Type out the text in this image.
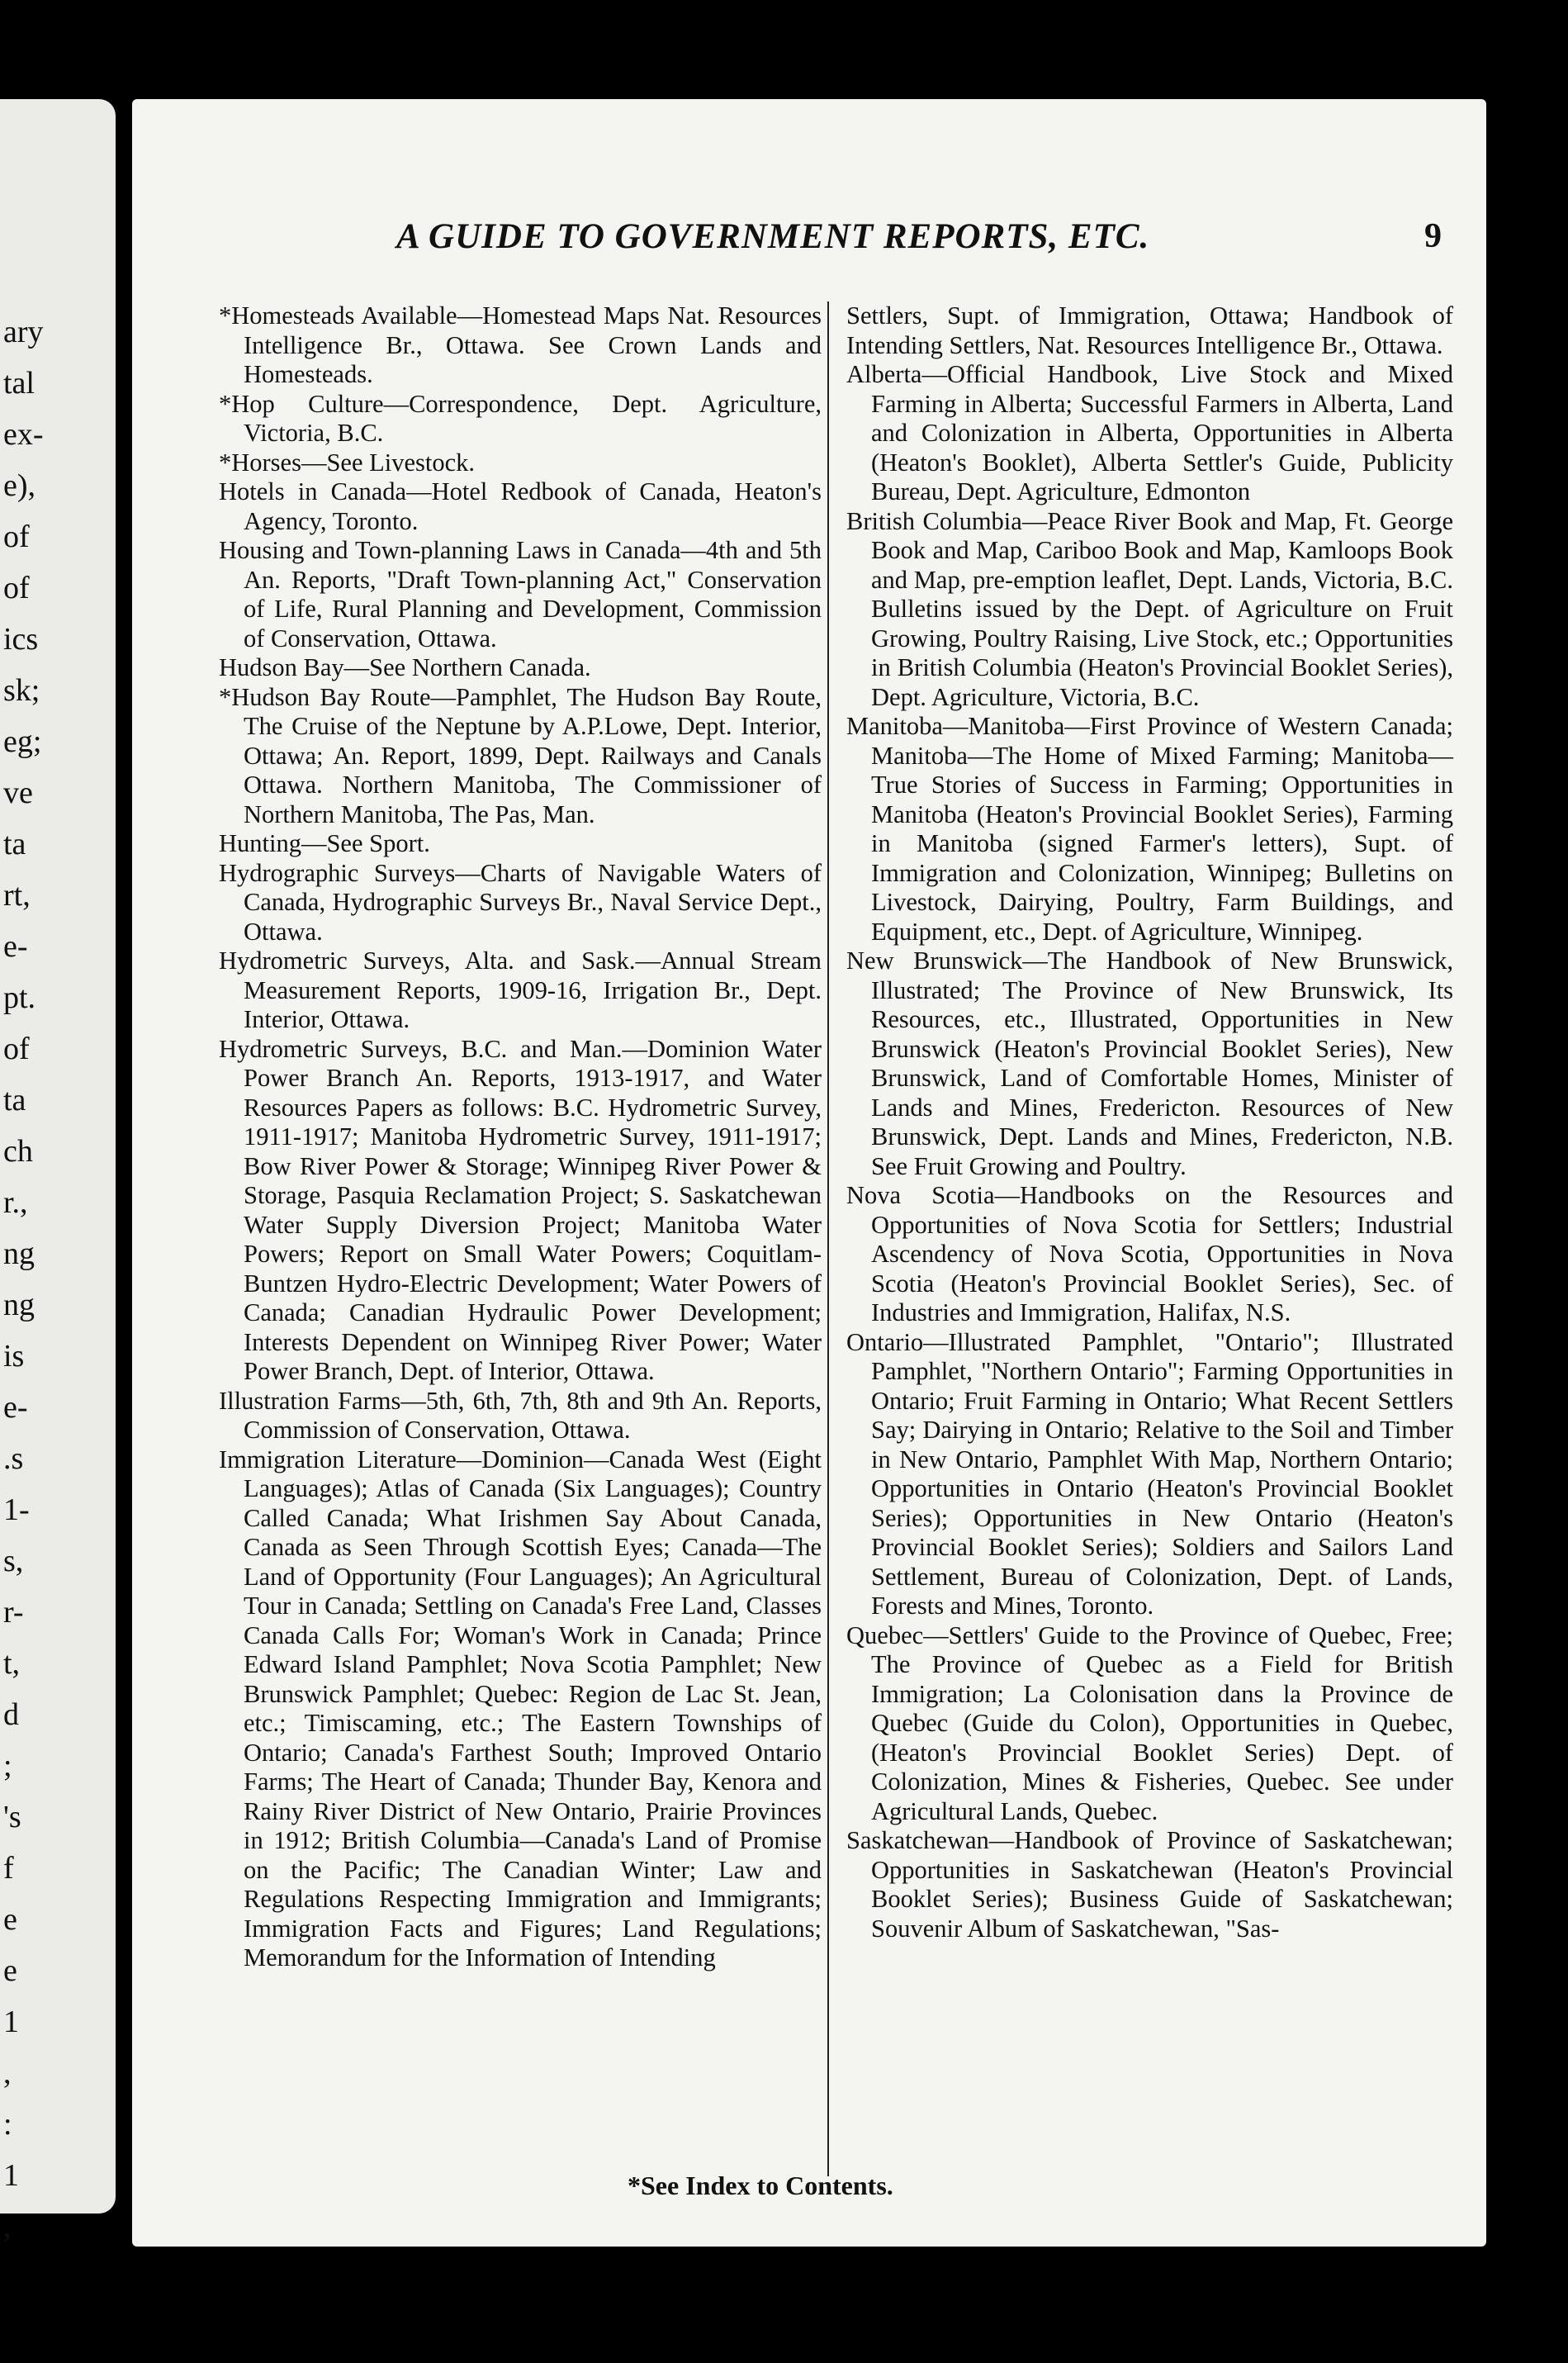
ary
tal
ex-
e),
of
of
ics
sk;
eg;
ve
ta
rt,
e-
pt.
of
ta
ch
r.,
ng
ng
is
e-
.s
1-
s,
r-
t,
d
;
's
f
e
e
1
,
:
1
,
A GUIDE TO GOVERNMENT REPORTS, ETC.	9

*Homesteads Available—Homestead Maps Nat. Resources Intelligence Br., Ottawa. See Crown Lands and Homesteads.

*Hop Culture—Correspondence, Dept. Agriculture, Victoria, B.C.

*Horses—See Livestock.

Hotels in Canada—Hotel Redbook of Canada, Heaton's Agency, Toronto.

Housing and Town-planning Laws in Canada—4th and 5th An. Reports, "Draft Town-planning Act," Conservation of Life, Rural Planning and Development, Commission of Conservation, Ottawa.

Hudson Bay—See Northern Canada.

*Hudson Bay Route—Pamphlet, The Hudson Bay Route, The Cruise of the Neptune by A.P.Lowe, Dept. Interior, Ottawa; An. Report, 1899, Dept. Railways and Canals Ottawa. Northern Manitoba, The Commissioner of Northern Manitoba, The Pas, Man.

Hunting—See Sport.

Hydrographic Surveys—Charts of Navigable Waters of Canada, Hydrographic Surveys Br., Naval Service Dept., Ottawa.

Hydrometric Surveys, Alta. and Sask.—Annual Stream Measurement Reports, 1909-16, Irrigation Br., Dept. Interior, Ottawa.

Hydrometric Surveys, B.C. and Man.—Dominion Water Power Branch An. Reports, 1913-1917, and Water Resources Papers as follows: B.C. Hydrometric Survey, 1911-1917; Manitoba Hydrometric Survey, 1911-1917; Bow River Power & Storage; Winnipeg River Power & Storage, Pasquia Reclamation Project; S. Saskatchewan Water Supply Diversion Project; Manitoba Water Powers; Report on Small Water Powers; Coquitlam-Buntzen Hydro-Electric Development; Water Powers of Canada; Canadian Hydraulic Power Development; Interests Dependent on Winnipeg River Power; Water Power Branch, Dept. of Interior, Ottawa.

Illustration Farms—5th, 6th, 7th, 8th and 9th An. Reports, Commission of Conservation, Ottawa.

Immigration Literature—Dominion—Canada West (Eight Languages); Atlas of Canada (Six Languages); Country Called Canada; What Irishmen Say About Canada, Canada as Seen Through Scottish Eyes; Canada—The Land of Opportunity (Four Languages); An Agricultural Tour in Canada; Settling on Canada's Free Land, Classes Canada Calls For; Woman's Work in Canada; Prince Edward Island Pamphlet; Nova Scotia Pamphlet; New Brunswick Pamphlet; Quebec: Region de Lac St. Jean, etc.; Timiscaming, etc.; The Eastern Townships of Ontario; Canada's Farthest South; Improved Ontario Farms; The Heart of Canada; Thunder Bay, Kenora and Rainy River District of New Ontario, Prairie Provinces in 1912; British Columbia—Canada's Land of Promise on the Pacific; The Canadian Winter; Law and Regulations Respecting Immigration and Immigrants; Immigration Facts and Figures; Land Regulations; Memorandum for the Information of Intending

Settlers, Supt. of Immigration, Ottawa; Handbook of Intending Settlers, Nat. Resources Intelligence Br., Ottawa.

Alberta—Official Handbook, Live Stock and Mixed Farming in Alberta; Successful Farmers in Alberta, Land and Colonization in Alberta, Opportunities in Alberta (Heaton's Booklet), Alberta Settler's Guide, Publicity Bureau, Dept. Agriculture, Edmonton

British Columbia—Peace River Book and Map, Ft. George Book and Map, Cariboo Book and Map, Kamloops Book and Map, pre-emption leaflet, Dept. Lands, Victoria, B.C. Bulletins issued by the Dept. of Agriculture on Fruit Growing, Poultry Raising, Live Stock, etc.; Opportunities in British Columbia (Heaton's Provincial Booklet Series), Dept. Agriculture, Victoria, B.C.

Manitoba—Manitoba—First Province of Western Canada; Manitoba—The Home of Mixed Farming; Manitoba—True Stories of Success in Farming; Opportunities in Manitoba (Heaton's Provincial Booklet Series), Farming in Manitoba (signed Farmer's letters), Supt. of Immigration and Colonization, Winnipeg; Bulletins on Livestock, Dairying, Poultry, Farm Buildings, and Equipment, etc., Dept. of Agriculture, Winnipeg.

New Brunswick—The Handbook of New Brunswick, Illustrated; The Province of New Brunswick, Its Resources, etc., Illustrated, Opportunities in New Brunswick (Heaton's Provincial Booklet Series), New Brunswick, Land of Comfortable Homes, Minister of Lands and Mines, Fredericton. Resources of New Brunswick, Dept. Lands and Mines, Fredericton, N.B. See Fruit Growing and Poultry.

Nova Scotia—Handbooks on the Resources and Opportunities of Nova Scotia for Settlers; Industrial Ascendency of Nova Scotia, Opportunities in Nova Scotia (Heaton's Provincial Booklet Series), Sec. of Industries and Immigration, Halifax, N.S.

Ontario—Illustrated Pamphlet, "Ontario"; Illustrated Pamphlet, "Northern Ontario"; Farming Opportunities in Ontario; Fruit Farming in Ontario; What Recent Settlers Say; Dairying in Ontario; Relative to the Soil and Timber in New Ontario, Pamphlet With Map, Northern Ontario; Opportunities in Ontario (Heaton's Provincial Booklet Series); Opportunities in New Ontario (Heaton's Provincial Booklet Series); Soldiers and Sailors Land Settlement, Bureau of Colonization, Dept. of Lands, Forests and Mines, Toronto.

Quebec—Settlers' Guide to the Province of Quebec, Free; The Province of Quebec as a Field for British Immigration; La Colonisation dans la Province de Quebec (Guide du Colon), Opportunities in Quebec, (Heaton's Provincial Booklet Series) Dept. of Colonization, Mines & Fisheries, Quebec. See under Agricultural Lands, Quebec.

Saskatchewan—Handbook of Province of Saskatchewan; Opportunities in Saskatchewan (Heaton's Provincial Booklet Series); Business Guide of Saskatchewan; Souvenir Album of Saskatchewan, "Sas-

*See Index to Contents.
